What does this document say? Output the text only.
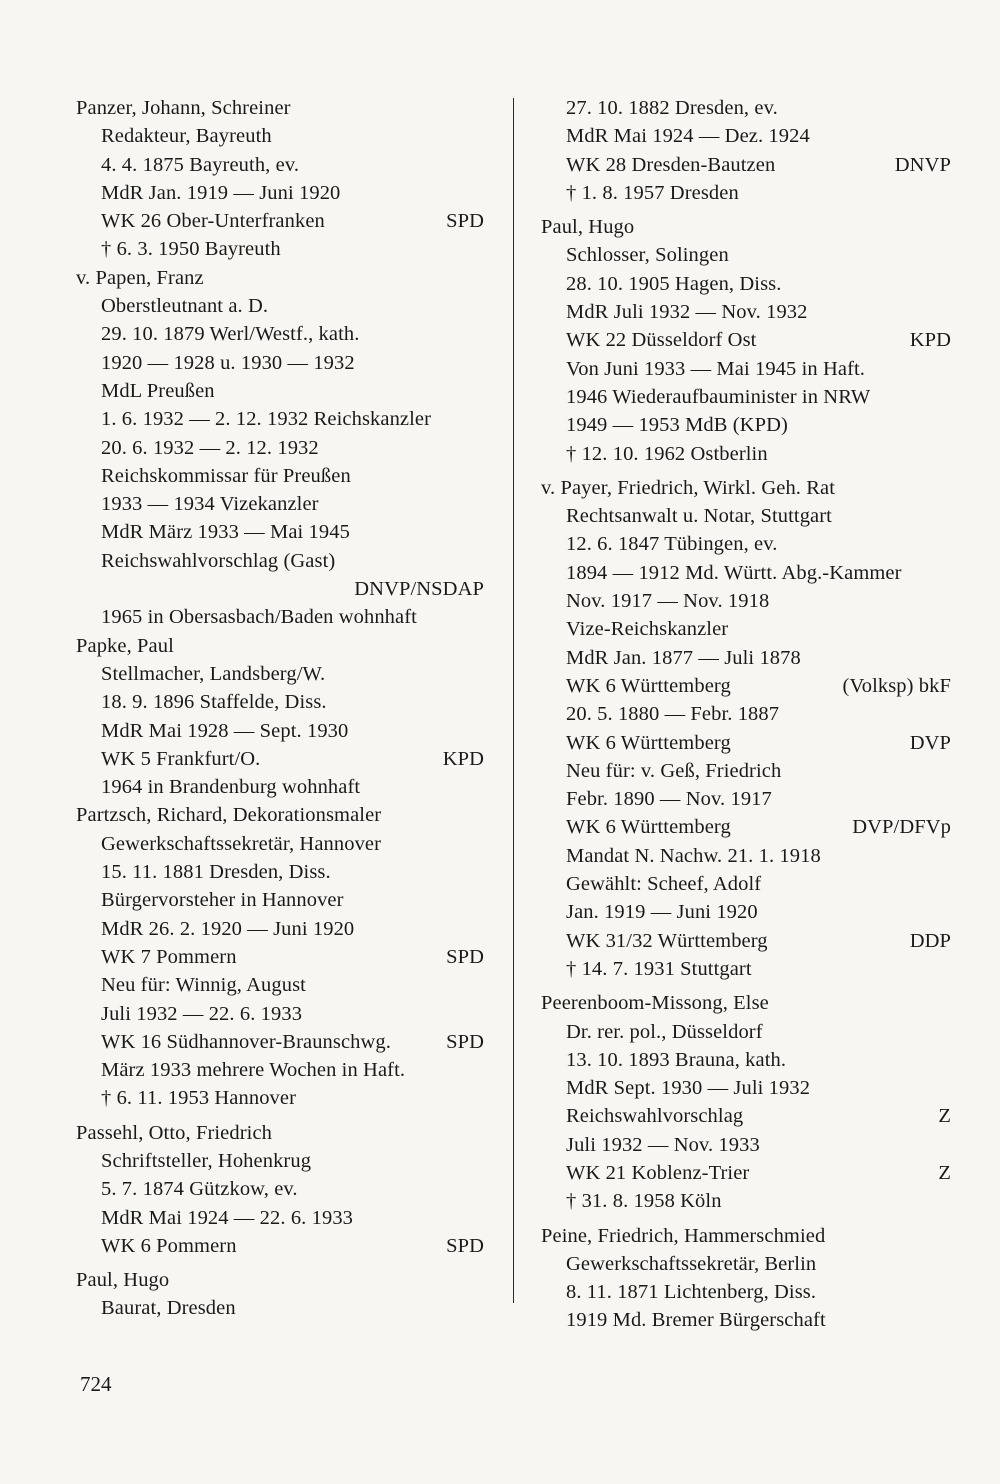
Panzer, Johann, Schreiner
Redakteur, Bayreuth
4. 4. 1875 Bayreuth, ev.
MdR Jan. 1919 — Juni 1920
WK 26 Ober-Unterfranken	SPD
† 6. 3. 1950 Bayreuth
v. Papen, Franz
Oberstleutnant a. D.
29. 10. 1879 Werl/Westf., kath.
1920 — 1928 u. 1930 — 1932
MdL Preußen
1. 6. 1932 — 2. 12. 1932 Reichskanzler
20. 6. 1932 — 2. 12. 1932
Reichskommissar für Preußen
1933 — 1934 Vizekanzler
MdR März 1933 — Mai 1945
Reichswahlvorschlag (Gast)
DNVP/NSDAP
1965 in Obersasbach/Baden wohnhaft
Papke, Paul
Stellmacher, Landsberg/W.
18. 9. 1896 Staffelde, Diss.
MdR Mai 1928 — Sept. 1930
WK 5 Frankfurt/O.	KPD
1964 in Brandenburg wohnhaft
Partzsch, Richard, Dekorationsmaler
Gewerkschaftssekretär, Hannover
15. 11. 1881 Dresden, Diss.
Bürgervorsteher in Hannover
MdR 26. 2. 1920 — Juni 1920
WK 7 Pommern	SPD
Neu für: Winnig, August
Juli 1932 — 22. 6. 1933
WK 16 Südhannover-Braunschwg.	SPD
März 1933 mehrere Wochen in Haft.
† 6. 11. 1953 Hannover
Passehl, Otto, Friedrich
Schriftsteller, Hohenkrug
5. 7. 1874 Gützkow, ev.
MdR Mai 1924 — 22. 6. 1933
WK 6 Pommern	SPD
Paul, Hugo
Baurat, Dresden
27. 10. 1882 Dresden, ev.
MdR Mai 1924 — Dez. 1924
WK 28 Dresden-Bautzen	DNVP
† 1. 8. 1957 Dresden
Paul, Hugo
Schlosser, Solingen
28. 10. 1905 Hagen, Diss.
MdR Juli 1932 — Nov. 1932
WK 22 Düsseldorf Ost	KPD
Von Juni 1933 — Mai 1945 in Haft.
1946 Wiederaufbauminister in NRW
1949 — 1953 MdB (KPD)
† 12. 10. 1962 Ostberlin
v. Payer, Friedrich, Wirkl. Geh. Rat
Rechtsanwalt u. Notar, Stuttgart
12. 6. 1847 Tübingen, ev.
1894 — 1912 Md. Württ. Abg.-Kammer
Nov. 1917 — Nov. 1918
Vize-Reichskanzler
MdR Jan. 1877 — Juli 1878
WK 6 Württemberg	(Volksp) bkF
20. 5. 1880 — Febr. 1887
WK 6 Württemberg	DVP
Neu für: v. Geß, Friedrich
Febr. 1890 — Nov. 1917
WK 6 Württemberg	DVP/DFVp
Mandat N. Nachw. 21. 1. 1918
Gewählt: Scheef, Adolf
Jan. 1919 — Juni 1920
WK 31/32 Württemberg	DDP
† 14. 7. 1931 Stuttgart
Peerenboom-Missong, Else
Dr. rer. pol., Düsseldorf
13. 10. 1893 Brauna, kath.
MdR Sept. 1930 — Juli 1932
Reichswahlvorschlag	Z
Juli 1932 — Nov. 1933
WK 21 Koblenz-Trier	Z
† 31. 8. 1958 Köln
Peine, Friedrich, Hammerschmied
Gewerkschaftssekretär, Berlin
8. 11. 1871 Lichtenberg, Diss.
1919 Md. Bremer Bürgerschaft
724
